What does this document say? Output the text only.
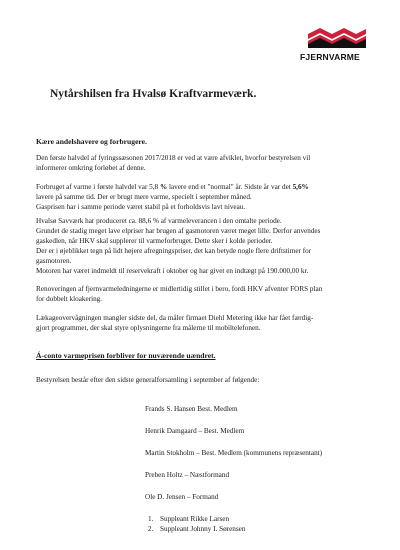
FJERNVARME
Nytårshilsen fra Hvalsø Kraftvarmeværk.

Kære andelshavere og forbrugere.

Den første halvdel af fyringssæsonen 2017/2018 er ved at være afviklet, hvorfor bestyrelsen vil
informerer omkring forløbet af denne.

Forbruget af varme i første halvdel var 5,8 % lavere end et "normal" år. Sidste år var det 5,6%
lavere på samme tid. Der er brugt mere varme, specielt i september måned.
Gasprisen har i samme periode været stabil på et forholdsvis lavt niveau.

Hvalsø Savværk har produceret ca. 88,6 % af varmeleverancen i den omtalte periode.
Grundet de stadig meget lave elpriser har brugen af gasmotoren været meget lille. Derfor anvendes
gaskedlen, når HKV skal supplerer til varmeforbruget. Dette sker i kolde perioder.
Der er i øjeblikket tegn på lidt højere afregningspriser, det kan betyde nogle flere driftstimer for
gasmotoren.
Motoren har været indmeldt til reservekraft i oktober og har givet en indtægt på 190.000,00 kr.

Renoveringen af fjernvarmeledningerne er midlertidig stillet i bero, fordi HKV afventer FORS plan
for dobbelt kloakering.

Lækageovervågningen mangler sidste del, da måler firmaet Diehl Metering ikke har fået færdig-
gjort programmet, der skal styre oplysningerne fra målerne til mobiltelefonen.

Á-conto varmeprisen forbliver for nuværende uændret.

Bestyrelsen består efter den sidste generalforsamling i september af følgende:
Frands S. Hansen Best. Medlem
Henrik Damgaard – Best. Medlem
Martin Stokholm – Best. Medlem (kommunens repræsentant)
Preben Holtz – Næstformand
Ole D. Jensen – Formand
1. Suppleant Rikke Larsen
2. Suppleant Johnny I. Sørensen
